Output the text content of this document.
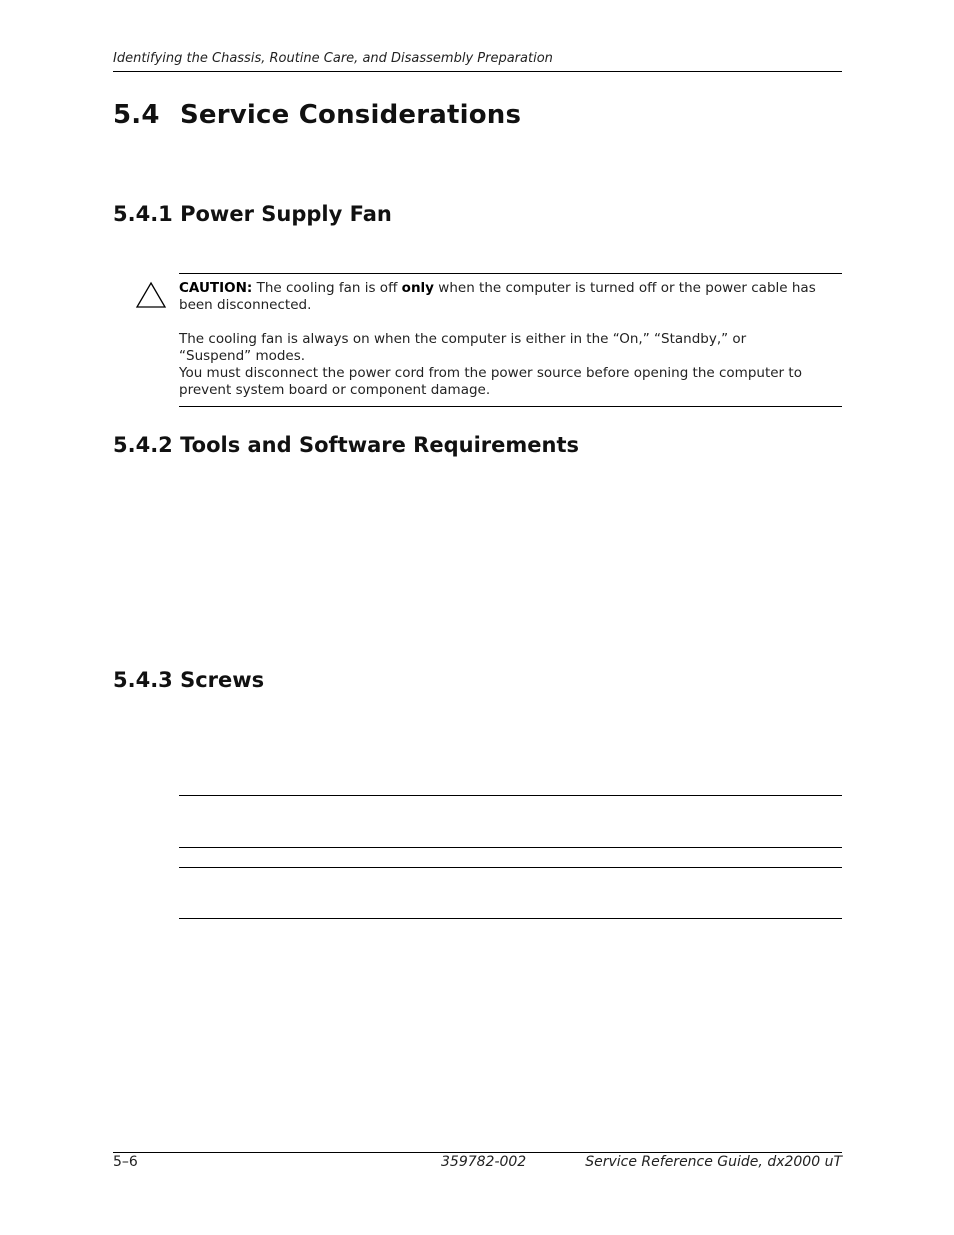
Identifying the Chassis, Routine Care, and Disassembly Preparation
5.4 Service Considerations
5.4.1 Power Supply Fan
CAUTION: The cooling fan is off only when the computer is turned off or the power cable has been disconnected.
The cooling fan is always on when the computer is either in the “On,” “Standby,” or “Suspend” modes.
You must disconnect the power cord from the power source before opening the computer to prevent system board or component damage.
5.4.2 Tools and Software Requirements
5.4.3 Screws
5–6	359782-002	Service Reference Guide, dx2000 uT
